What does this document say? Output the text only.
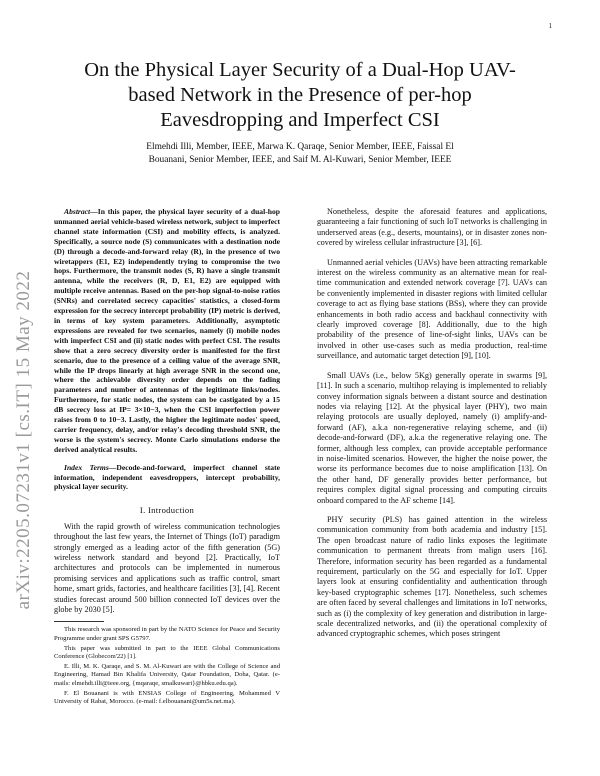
1
arXiv:2205.07231v1 [cs.IT] 15 May 2022
On the Physical Layer Security of a Dual-Hop UAV-based Network in the Presence of per-hop Eavesdropping and Imperfect CSI
Elmehdi Illi, Member, IEEE, Marwa K. Qaraqe, Senior Member, IEEE, Faissal El Bouanani, Senior Member, IEEE, and Saif M. Al-Kuwari, Senior Member, IEEE

Abstract—In this paper, the physical layer security of a dual-hop unmanned aerial vehicle-based wireless network, subject to imperfect channel state information (CSI) and mobility effects, is analyzed. Specifically, a source node (S) communicates with a destination node (D) through a decode-and-forward relay (R), in the presence of two wiretappers (E1, E2) independently trying to compromise the two hops. Furthermore, the transmit nodes (S, R) have a single transmit antenna, while the receivers (R, D, E1, E2) are equipped with multiple receive antennas. Based on the per-hop signal-to-noise ratios (SNRs) and correlated secrecy capacities' statistics, a closed-form expression for the secrecy intercept probability (IP) metric is derived, in terms of key system parameters. Additionally, asymptotic expressions are revealed for two scenarios, namely (i) mobile nodes with imperfect CSI and (ii) static nodes with perfect CSI. The results show that a zero secrecy diversity order is manifested for the first scenario, due to the presence of a ceiling value of the average SNR, while the IP drops linearly at high average SNR in the second one, where the achievable diversity order depends on the fading parameters and number of antennas of the legitimate links/nodes. Furthermore, for static nodes, the system can be castigated by a 15 dB secrecy loss at IP= 3×10−3, when the CSI imperfection power raises from 0 to 10−3. Lastly, the higher the legitimate nodes' speed, carrier frequency, delay, and/or relay's decoding threshold SNR, the worse is the system's secrecy. Monte Carlo simulations endorse the derived analytical results.

Index Terms—Decode-and-forward, imperfect channel state information, independent eavesdroppers, intercept probability, physical layer security.

I. Introduction

With the rapid growth of wireless communication technologies throughout the last few years, the Internet of Things (IoT) paradigm strongly emerged as a leading actor of the fifth generation (5G) wireless network standard and beyond [2]. Practically, IoT architectures and protocols can be implemented in numerous promising services and applications such as traffic control, smart home, smart grids, factories, and healthcare facilities [3], [4]. Recent studies forecast around 500 billion connected IoT devices over the globe by 2030 [5].

This research was sponsored in part by the NATO Science for Peace and Security Programme under grant SPS G5797.

This paper was submitted in part to the IEEE Global Communications Conference (Globecom'22) [1].

E. Illi, M. K. Qaraqe, and S. M. Al-Kuwari are with the College of Science and Engineering, Hamad Bin Khalifa University, Qatar Foundation, Doha, Qatar. (e-mails: elmehdi.illi@ieee.org, {mqaraqe, smalkuwari}@hbku.edu.qa).

F. El Bouanani is with ENSIAS College of Engineering, Mohammed V University of Rabat, Morocco. (e-mail: f.elbouanani@um5s.net.ma).

Nonetheless, despite the aforesaid features and applications, guaranteeing a fair functioning of such IoT networks is challenging in underserved areas (e.g., deserts, mountains), or in disaster zones non-covered by wireless cellular infrastructure [3], [6].

Unmanned aerial vehicles (UAVs) have been attracting remarkable interest on the wireless community as an alternative mean for real-time communication and extended network coverage [7]. UAVs can be conveniently implemented in disaster regions with limited cellular coverage to act as flying base stations (BSs), where they can provide enhancements in both radio access and backhaul connectivity with clearly improved coverage [8]. Additionally, due to the high probability of the presence of line-of-sight links, UAVs can be involved in other use-cases such as media production, real-time surveillance, and automatic target detection [9], [10].

Small UAVs (i.e., below 5Kg) generally operate in swarms [9], [11]. In such a scenario, multihop relaying is implemented to reliably convey information signals between a distant source and destination nodes via relaying [12]. At the physical layer (PHY), two main relaying protocols are usually deployed, namely (i) amplify-and-forward (AF), a.k.a non-regenerative relaying scheme, and (ii) decode-and-forward (DF), a.k.a the regenerative relaying one. The former, although less complex, can provide acceptable performance in noise-limited scenarios. However, the higher the noise power, the worse its performance becomes due to noise amplification [13]. On the other hand, DF generally provides better performance, but requires complex digital signal processing and computing circuits onboard compared to the AF scheme [14].

PHY security (PLS) has gained attention in the wireless communication community from both academia and industry [15]. The open broadcast nature of radio links exposes the legitimate communication to permanent threats from malign users [16]. Therefore, information security has been regarded as a fundamental requirement, particularly on the 5G and especially for IoT. Upper layers look at ensuring confidentiality and authentication through key-based cryptographic schemes [17]. Nonetheless, such schemes are often faced by several challenges and limitations in IoT networks, such as (i) the complexity of key generation and distribution in large-scale decentralized networks, and (ii) the operational complexity of advanced cryptographic schemes, which poses stringent
